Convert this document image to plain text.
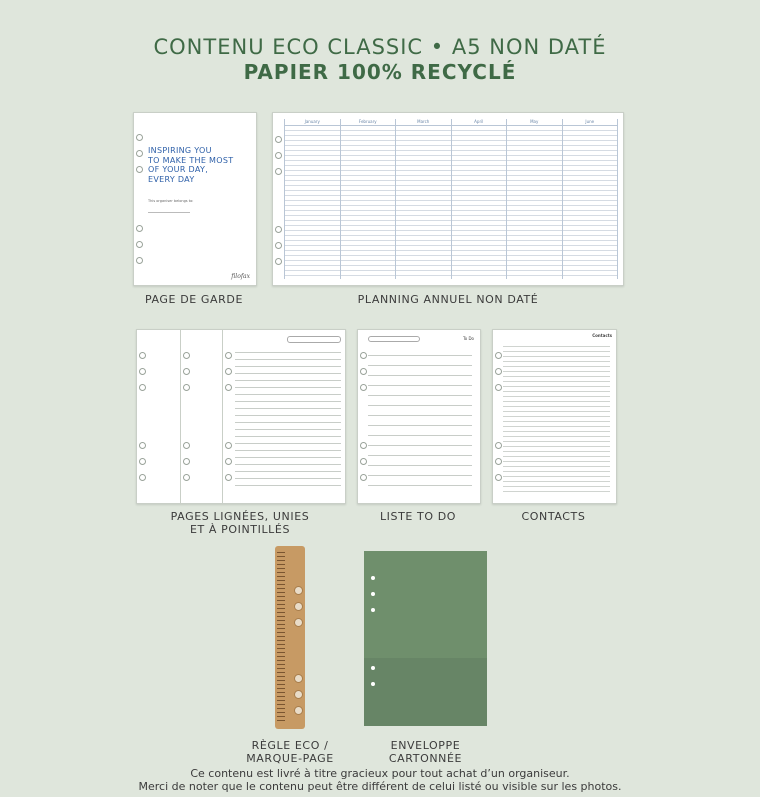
CONTENU ECO CLASSIC • A5 NON DATÉ
PAPIER 100% RECYCLÉ
INSPIRING YOU
TO MAKE THE MOST
OF YOUR DAY,
EVERY DAY
This organiser belongs to:
filofax
PAGE DE GARDE
January	February	March	April	May	June
PLANNING ANNUEL NON DATÉ
PAGES LIGNÉES, UNIES
ET À POINTILLÉS
To Do
LISTE TO DO
Contacts
CONTACTS
RÈGLE ECO /
MARQUE-PAGE
ENVELOPPE
CARTONNÉE
Ce contenu est livré à titre gracieux pour tout achat d’un organiseur.
Merci de noter que le contenu peut être différent de celui listé ou visible sur les photos.
